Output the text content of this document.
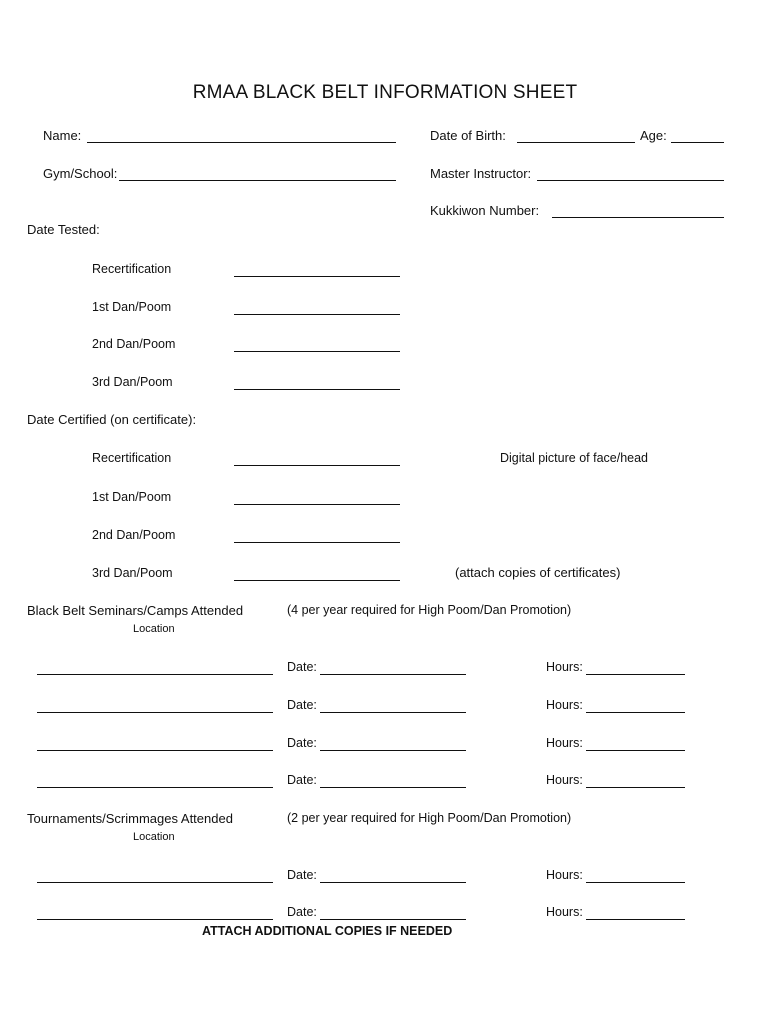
RMAA BLACK BELT INFORMATION SHEET
Name:	Date of Birth:	Age:
Gym/School:	Master Instructor:
Kukkiwon Number:
Date Tested:
Recertification
1st Dan/Poom
2nd Dan/Poom
3rd Dan/Poom
Date Certified (on certificate):
Recertification
1st Dan/Poom
2nd Dan/Poom
3rd Dan/Poom
Digital picture of face/head
(attach copies of certificates)
Black Belt Seminars/Camps Attended	(4 per year required for High Poom/Dan Promotion)
Location
Date:	Hours:
Date:	Hours:
Date:	Hours:
Date:	Hours:
Tournaments/Scrimmages Attended	(2 per year required for High Poom/Dan Promotion)
Location
Date:	Hours:
Date:	Hours:
ATTACH ADDITIONAL COPIES IF NEEDED
